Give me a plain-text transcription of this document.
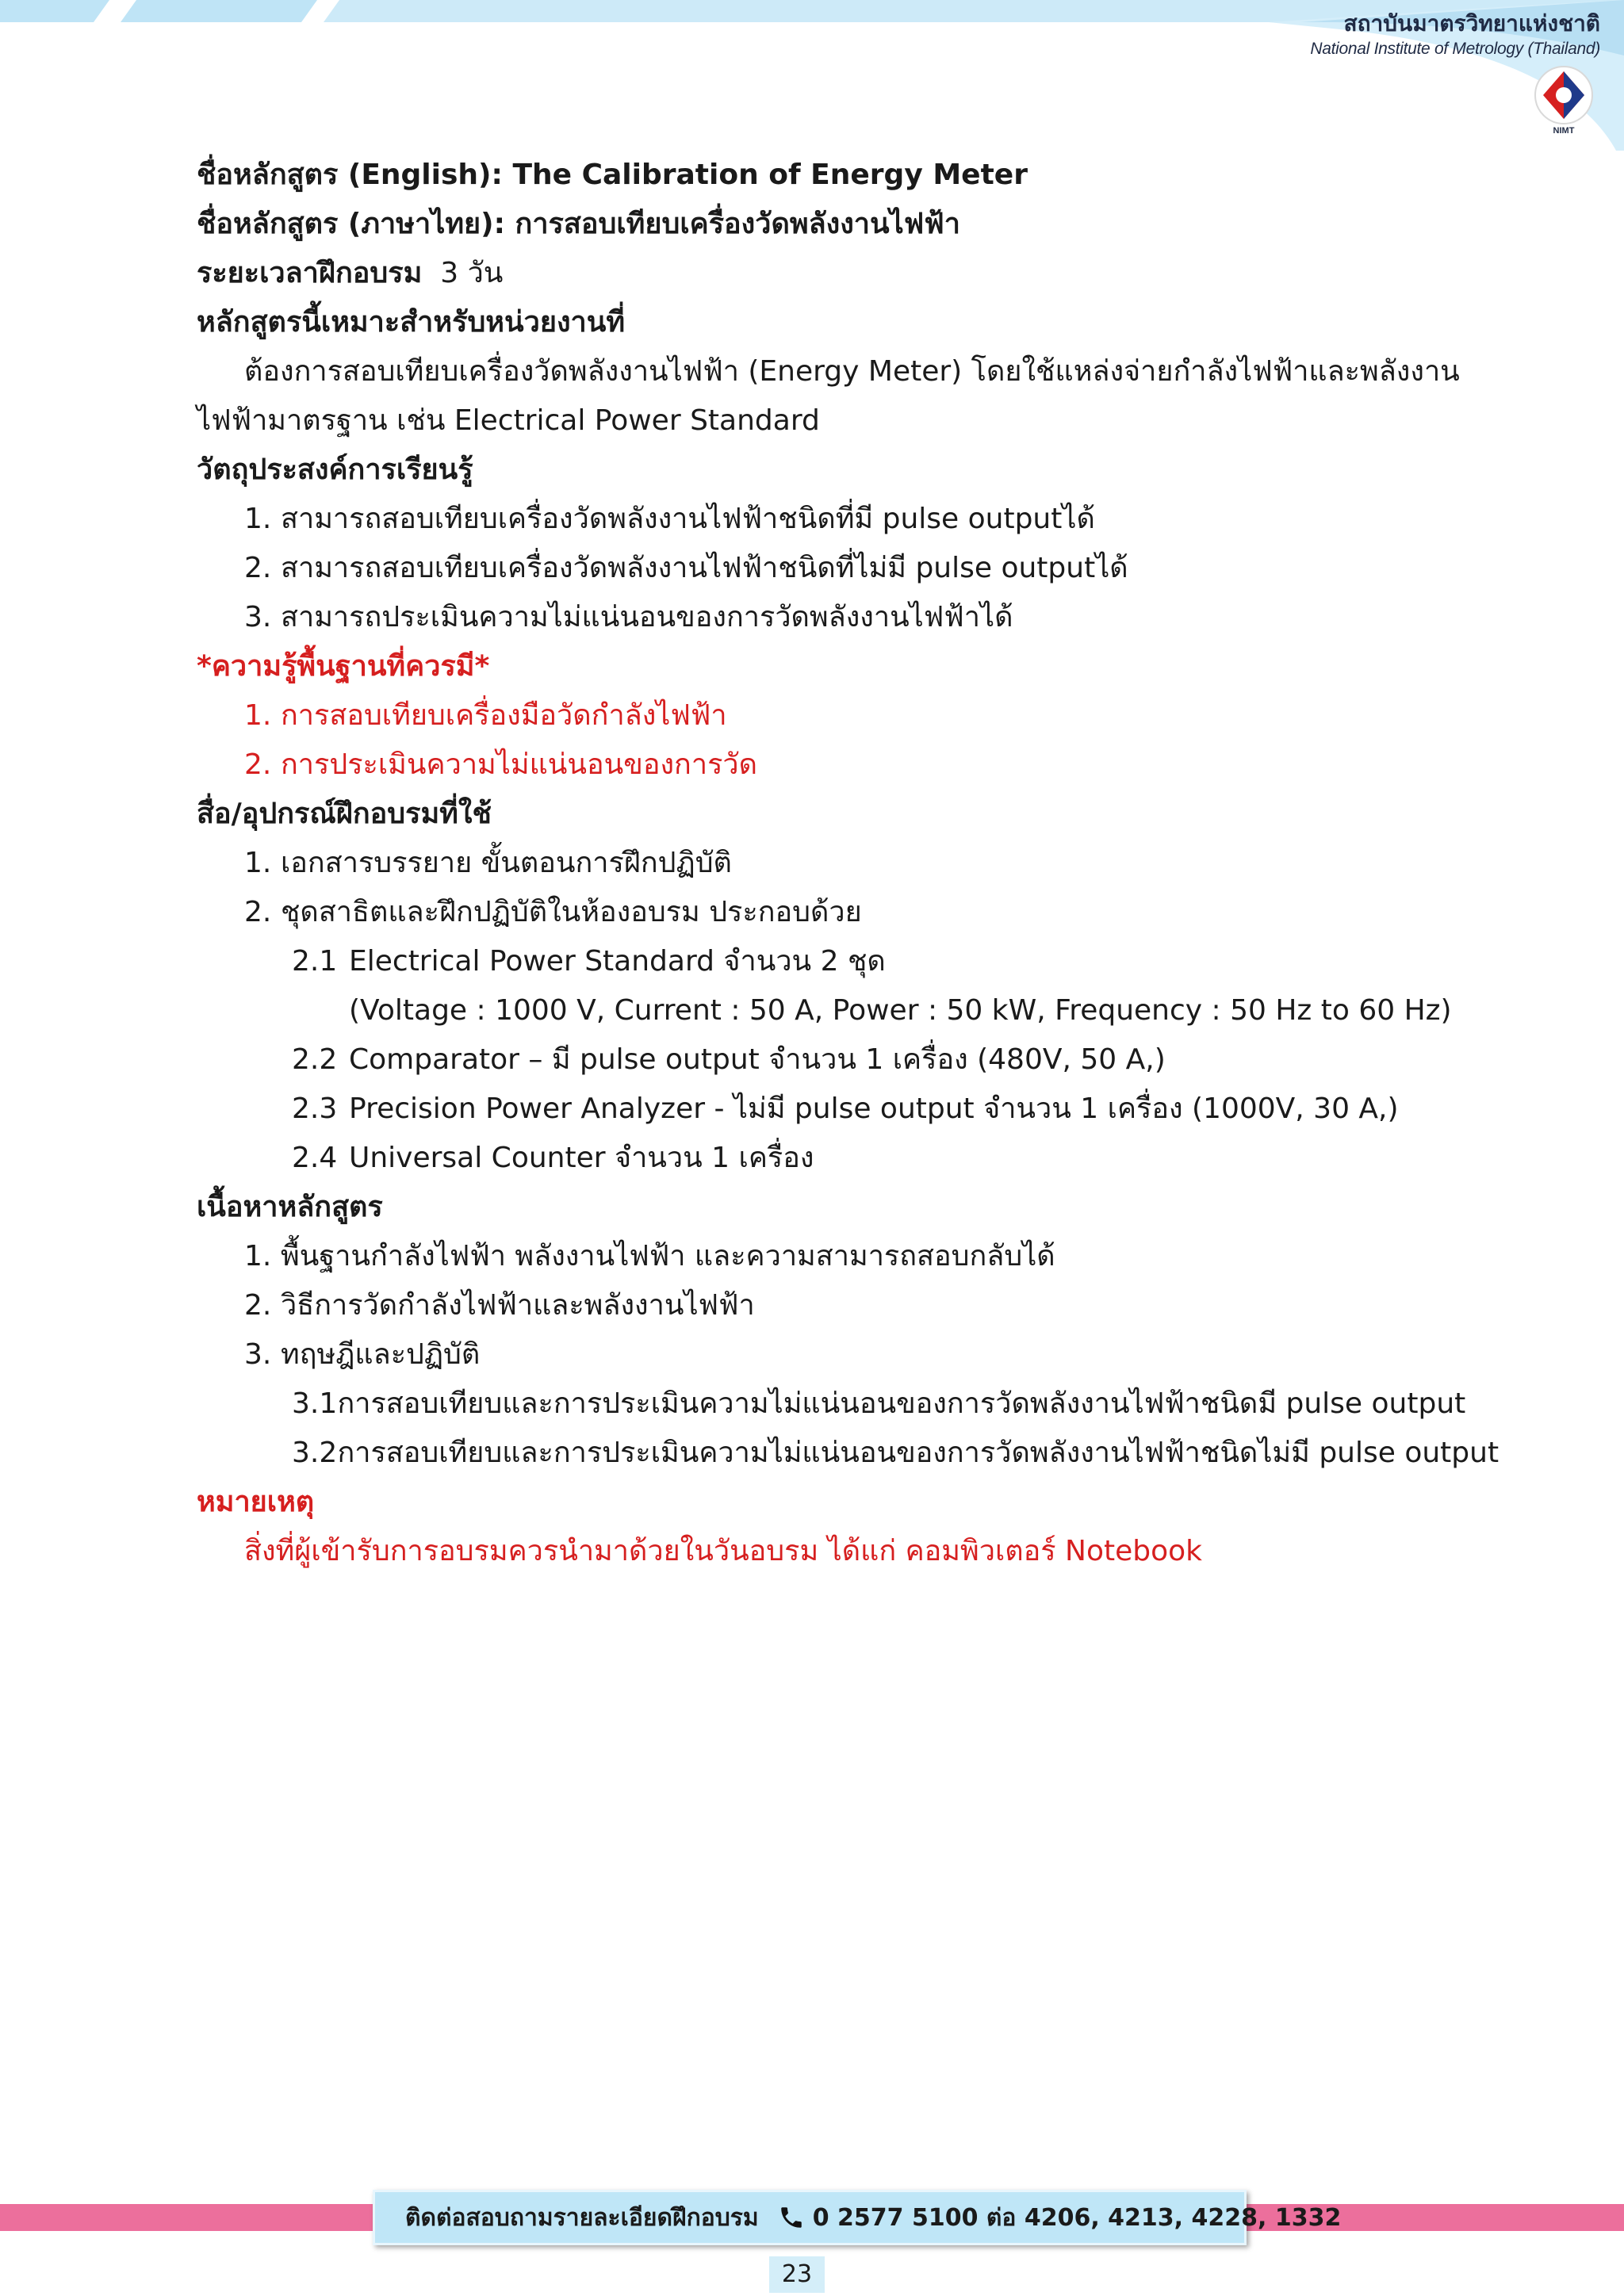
สถาบันมาตรวิทยาแห่งชาติ
National Institute of Metrology (Thailand)
NIMT
ชื่อหลักสูตร (English): The Calibration of Energy Meter
ชื่อหลักสูตร (ภาษาไทย): การสอบเทียบเครื่องวัดพลังงานไฟฟ้า
ระยะเวลาฝึกอบรม 3 วัน
หลักสูตรนี้เหมาะสำหรับหน่วยงานที่
ต้องการสอบเทียบเครื่องวัดพลังงานไฟฟ้า (Energy Meter) โดยใช้แหล่งจ่ายกำลังไฟฟ้าและพลังงาน
ไฟฟ้ามาตรฐาน เช่น Electrical Power Standard
วัตถุประสงค์การเรียนรู้
1. สามารถสอบเทียบเครื่องวัดพลังงานไฟฟ้าชนิดที่มี pulse outputได้
2. สามารถสอบเทียบเครื่องวัดพลังงานไฟฟ้าชนิดที่ไม่มี pulse outputได้
3. สามารถประเมินความไม่แน่นอนของการวัดพลังงานไฟฟ้าได้
*ความรู้พื้นฐานที่ควรมี*
1. การสอบเทียบเครื่องมือวัดกำลังไฟฟ้า
2. การประเมินความไม่แน่นอนของการวัด
สื่อ/อุปกรณ์ฝึกอบรมที่ใช้
1. เอกสารบรรยาย ขั้นตอนการฝึกปฏิบัติ
2. ชุดสาธิตและฝึกปฏิบัติในห้องอบรม ประกอบด้วย
2.1 Electrical Power Standard จำนวน 2 ชุด
(Voltage : 1000 V, Current : 50 A, Power : 50 kW, Frequency : 50 Hz to 60 Hz)
2.2 Comparator – มี pulse output จำนวน 1 เครื่อง (480V, 50 A,)
2.3 Precision Power Analyzer - ไม่มี pulse output จำนวน 1 เครื่อง (1000V, 30 A,)
2.4 Universal Counter จำนวน 1 เครื่อง
เนื้อหาหลักสูตร
1. พื้นฐานกำลังไฟฟ้า พลังงานไฟฟ้า และความสามารถสอบกลับได้
2. วิธีการวัดกำลังไฟฟ้าและพลังงานไฟฟ้า
3. ทฤษฎีและปฏิบัติ
3.1 การสอบเทียบและการประเมินความไม่แน่นอนของการวัดพลังงานไฟฟ้าชนิดมี pulse output
3.2 การสอบเทียบและการประเมินความไม่แน่นอนของการวัดพลังงานไฟฟ้าชนิดไม่มี pulse output
หมายเหตุ
สิ่งที่ผู้เข้ารับการอบรมควรนำมาด้วยในวันอบรม ได้แก่ คอมพิวเตอร์ Notebook
ติดต่อสอบถามรายละเอียดฝึกอบรม 0 2577 5100 ต่อ 4206, 4213, 4228, 1332
23
